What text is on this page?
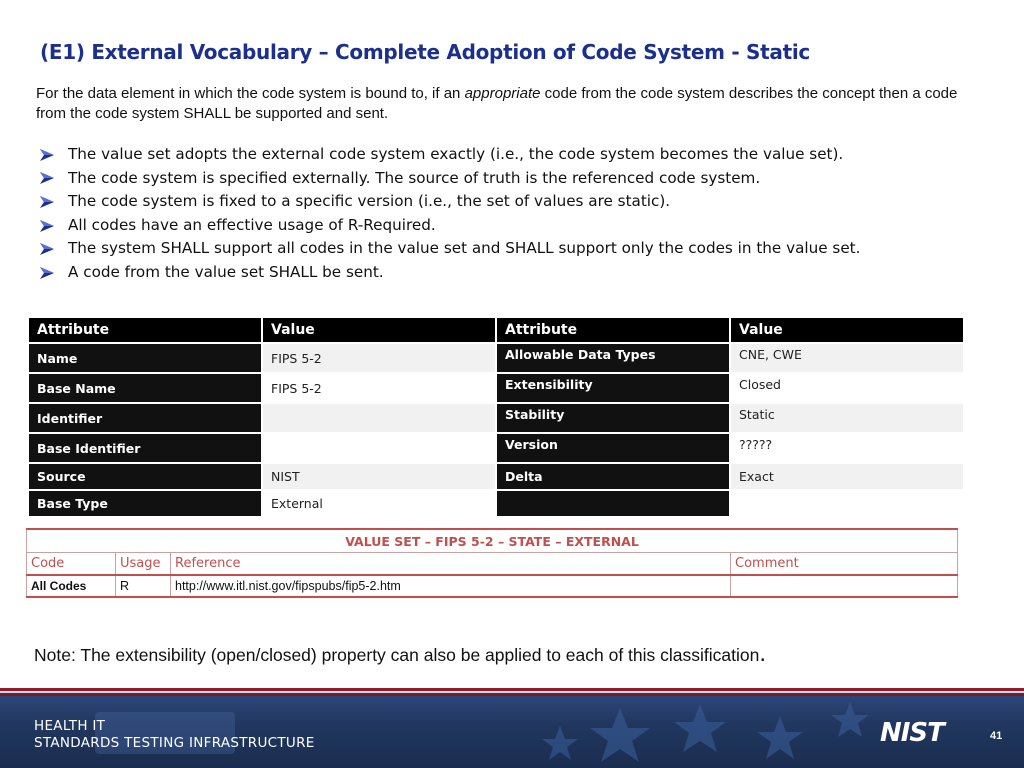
(E1) External Vocabulary – Complete Adoption of Code System - Static

For the data element in which the code system is bound to, if an appropriate code from the code system describes the concept then a code from the code system SHALL be supported and sent.

The value set adopts the external code system exactly (i.e., the code system becomes the value set).
The code system is specified externally. The source of truth is the referenced code system.
The code system is fixed to a specific version (i.e., the set of values are static).
All codes have an effective usage of R-Required.
The system SHALL support all codes in the value set and SHALL support only the codes in the value set.
A code from the value set SHALL be sent.
Attribute	Value	Attribute	Value
Name	FIPS 5-2	Allowable Data Types	CNE, CWE
Base Name	FIPS 5-2	Extensibility	Closed
Identifier		Stability	Static
Base Identifier		Version	?????
Source	NIST	Delta	Exact
Base Type	External		
VALUE SET – FIPS 5-2 – STATE – EXTERNAL			
Code	Usage	Reference	Comment
All Codes	R	http://www.itl.nist.gov/fipspubs/fip5-2.htm	

Note: The extensibility (open/closed) property can also be applied to each of this classification.

HEALTH IT
STANDARDS TESTING INFRASTRUCTURE	NIST	41
